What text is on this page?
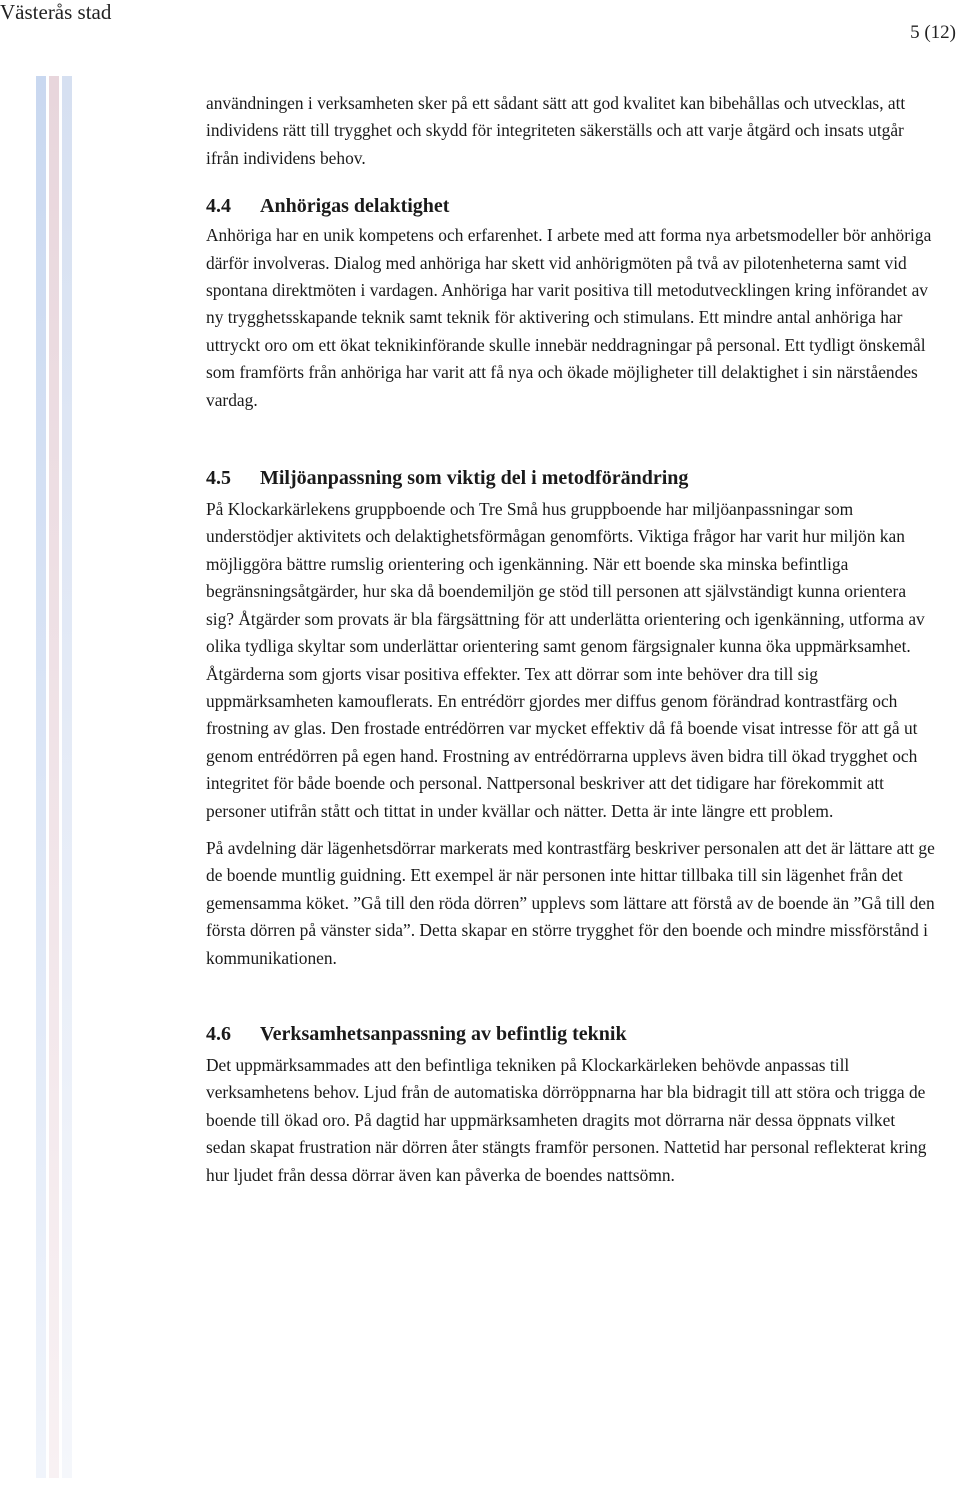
Västerås stad
5 (12)

användningen i verksamheten sker på ett sådant sätt att god kvalitet kan bibehållas och utvecklas, att individens rätt till trygghet och skydd för integriteten säkerställs och att varje åtgärd och insats utgår ifrån individens behov.

4.4 Anhörigas delaktighet

Anhöriga har en unik kompetens och erfarenhet. I arbete med att forma nya arbetsmodeller bör anhöriga därför involveras. Dialog med anhöriga har skett vid anhörigmöten på två av pilotenheterna samt vid spontana direktmöten i vardagen. Anhöriga har varit positiva till metodutvecklingen kring införandet av ny trygghetsskapande teknik samt teknik för aktivering och stimulans. Ett mindre antal anhöriga har uttryckt oro om ett ökat teknikinförande skulle innebär neddragningar på personal. Ett tydligt önskemål som framförts från anhöriga har varit att få nya och ökade möjligheter till delaktighet i sin närståendes vardag.

4.5 Miljöanpassning som viktig del i metodförändring

På Klockarkärlekens gruppboende och Tre Små hus gruppboende har miljöanpassningar som understödjer aktivitets och delaktighetsförmågan genomförts. Viktiga frågor har varit hur miljön kan möjliggöra bättre rumslig orientering och igenkänning. När ett boende ska minska befintliga begränsningsåtgärder, hur ska då boendemiljön ge stöd till personen att självständigt kunna orientera sig? Åtgärder som provats är bla färgsättning för att underlätta orientering och igenkänning, utforma av olika tydliga skyltar som underlättar orientering samt genom färgsignaler kunna öka uppmärksamhet.

Åtgärderna som gjorts visar positiva effekter. Tex att dörrar som inte behöver dra till sig uppmärksamheten kamouflerats. En entrédörr gjordes mer diffus genom förändrad kontrastfärg och frostning av glas. Den frostade entrédörren var mycket effektiv då få boende visat intresse för att gå ut genom entrédörren på egen hand. Frostning av entrédörrarna upplevs även bidra till ökad trygghet och integritet för både boende och personal. Nattpersonal beskriver att det tidigare har förekommit att personer utifrån stått och tittat in under kvällar och nätter. Detta är inte längre ett problem.

På avdelning där lägenhetsdörrar markerats med kontrastfärg beskriver personalen att det är lättare att ge de boende muntlig guidning. Ett exempel är när personen inte hittar tillbaka till sin lägenhet från det gemensamma köket. ”Gå till den röda dörren” upplevs som lättare att förstå av de boende än ”Gå till den första dörren på vänster sida”. Detta skapar en större trygghet för den boende och mindre missförstånd i kommunikationen.

4.6 Verksamhetsanpassning av befintlig teknik

Det uppmärksammades att den befintliga tekniken på Klockarkärleken behövde anpassas till verksamhetens behov. Ljud från de automatiska dörröppnarna har bla bidragit till att störa och trigga de boende till ökad oro. På dagtid har uppmärksamheten dragits mot dörrarna när dessa öppnats vilket sedan skapat frustration när dörren åter stängts framför personen. Nattetid har personal reflekterat kring hur ljudet från dessa dörrar även kan påverka de boendes nattsömn.
